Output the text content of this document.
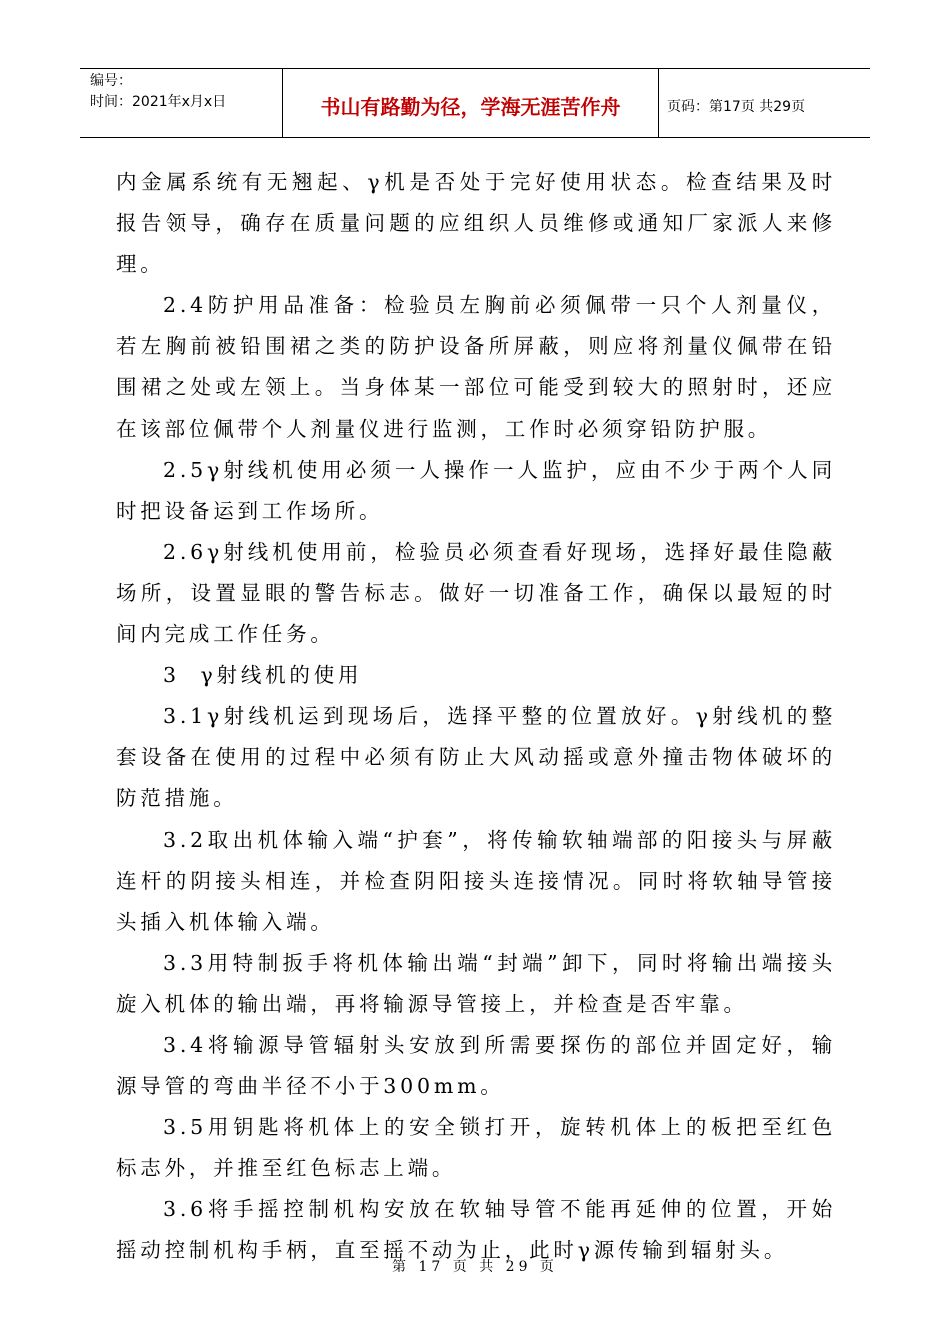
编号：
时间：2021年x月x日	书山有路勤为径，学海无涯苦作舟	页码：第17页 共29页

内金属系统有无翘起、γ机是否处于完好使用状态。检查结果及时报告领导，确存在质量问题的应组织人员维修或通知厂家派人来修理。

2.4防护用品准备：检验员左胸前必须佩带一只个人剂量仪，若左胸前被铅围裙之类的防护设备所屏蔽，则应将剂量仪佩带在铅围裙之处或左领上。当身体某一部位可能受到较大的照射时，还应在该部位佩带个人剂量仪进行监测，工作时必须穿铅防护服。

2.5γ射线机使用必须一人操作一人监护，应由不少于两个人同时把设备运到工作场所。

2.6γ射线机使用前，检验员必须查看好现场，选择好最佳隐蔽场所，设置显眼的警告标志。做好一切准备工作，确保以最短的时间内完成工作任务。

3  γ射线机的使用

3.1γ射线机运到现场后，选择平整的位置放好。γ射线机的整套设备在使用的过程中必须有防止大风动摇或意外撞击物体破坏的防范措施。

3.2取出机体输入端“护套”，将传输软轴端部的阳接头与屏蔽连杆的阴接头相连，并检查阴阳接头连接情况。同时将软轴导管接头插入机体输入端。

3.3用特制扳手将机体输出端“封端”卸下，同时将输出端接头旋入机体的输出端，再将输源导管接上，并检查是否牢靠。

3.4将输源导管辐射头安放到所需要探伤的部位并固定好，输源导管的弯曲半径不小于300mm。

3.5用钥匙将机体上的安全锁打开，旋转机体上的板把至红色标志外，并推至红色标志上端。

3.6将手摇控制机构安放在软轴导管不能再延伸的位置，开始摇动控制机构手柄，直至摇不动为止，此时γ源传输到辐射头。

第 17 页 共 29 页
